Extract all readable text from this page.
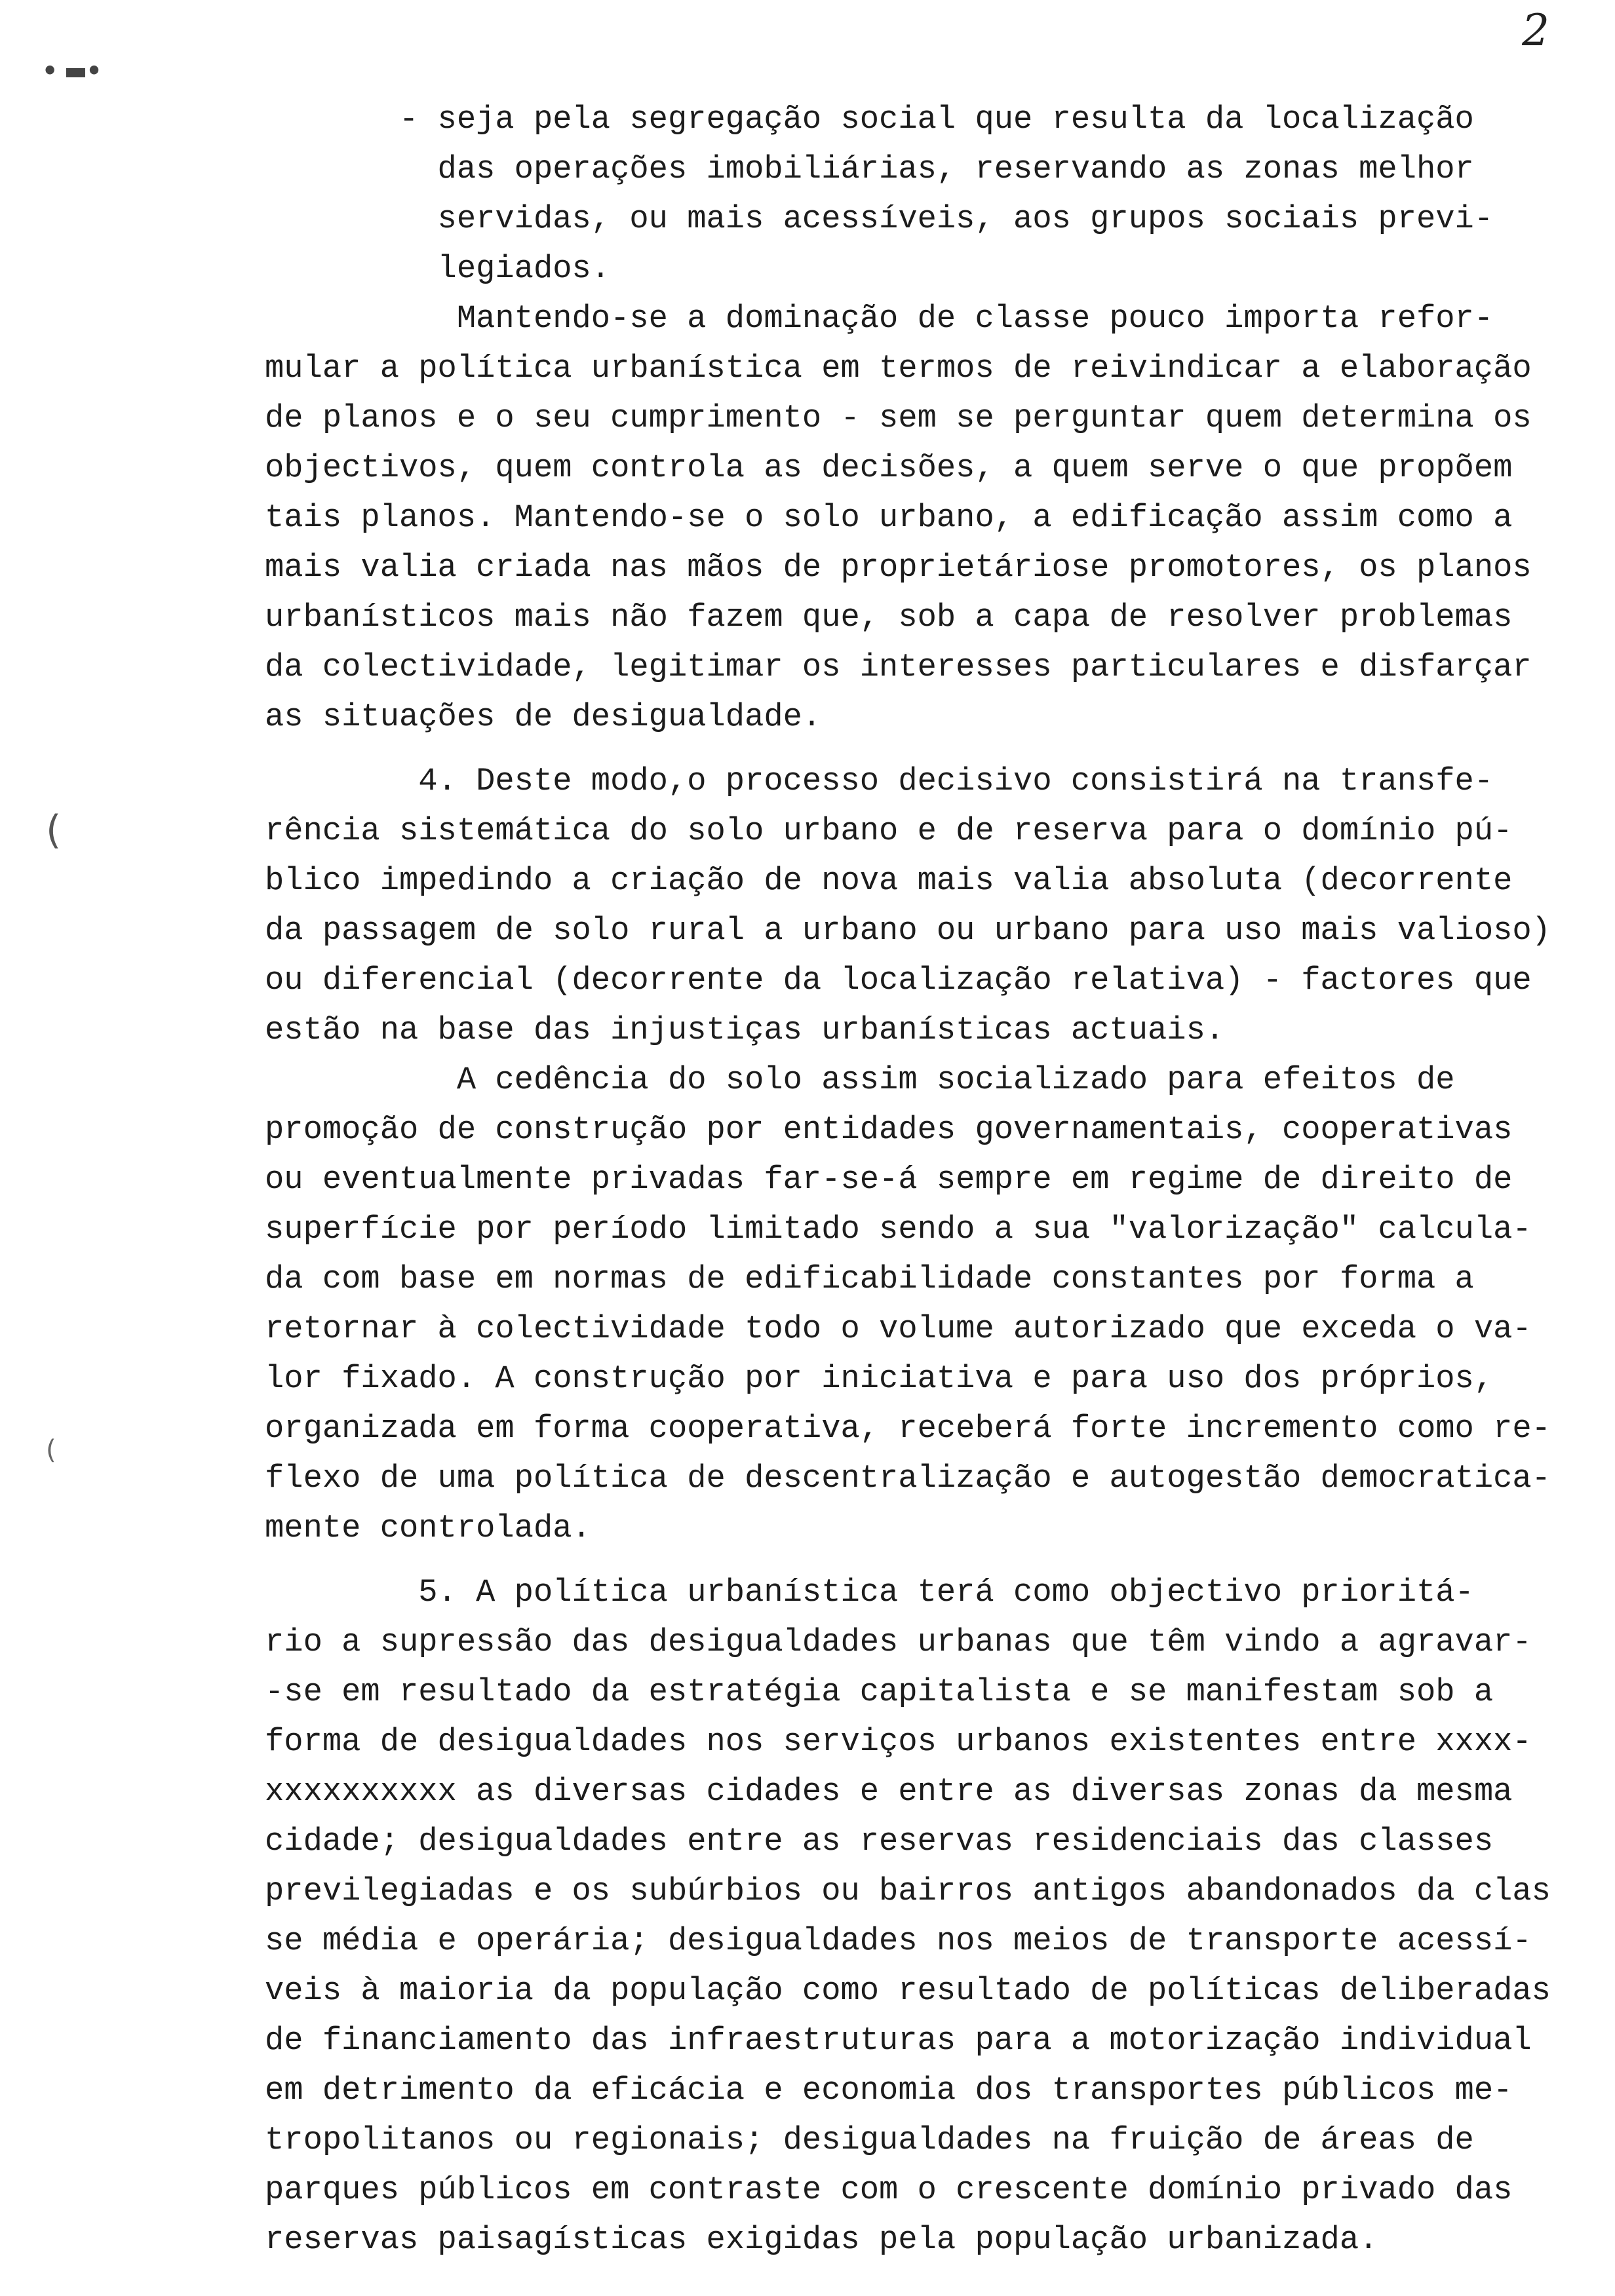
2
• ▬•
(
(
- seja pela segregação social que resulta da localização
das operações imobiliárias, reservando as zonas melhor
servidas, ou mais acessíveis, aos grupos sociais previ-
legiados.
Mantendo-se a dominação de classe pouco importa refor-
mular a política urbanística em termos de reivindicar a elaboração
de planos e o seu cumprimento - sem se perguntar quem determina os
objectivos, quem controla as decisões, a quem serve o que propõem
tais planos. Mantendo-se o solo urbano, a edificação assim como a
mais valia criada nas mãos de proprietáriose promotores, os planos
urbanísticos mais não fazem que, sob a capa de resolver problemas
da colectividade, legitimar os interesses particulares e disfarçar
as situações de desigualdade.
4. Deste modo,o processo decisivo consistirá na transfe-
rência sistemática do solo urbano e de reserva para o domínio pú-
blico impedindo a criação de nova mais valia absoluta (decorrente
da passagem de solo rural a urbano ou urbano para uso mais valioso)
ou diferencial (decorrente da localização relativa) - factores que
estão na base das injustiças urbanísticas actuais.
A cedência do solo assim socializado para efeitos de
promoção de construção por entidades governamentais, cooperativas
ou eventualmente privadas far-se-á sempre em regime de direito de
superfície por período limitado sendo a sua "valorização" calcula-
da com base em normas de edificabilidade constantes por forma a
retornar à colectividade todo o volume autorizado que exceda o va-
lor fixado. A construção por iniciativa e para uso dos próprios,
organizada em forma cooperativa, receberá forte incremento como re-
flexo de uma política de descentralização e autogestão democratica-
mente controlada.
5. A política urbanística terá como objectivo prioritá-
rio a supressão das desigualdades urbanas que têm vindo a agravar-
-se em resultado da estratégia capitalista e se manifestam sob a
forma de desigualdades nos serviços urbanos existentes entre xxxx-
xxxxxxxxxx as diversas cidades e entre as diversas zonas da mesma
cidade; desigualdades entre as reservas residenciais das classes
previlegiadas e os subúrbios ou bairros antigos abandonados da clas
se média e operária; desigualdades nos meios de transporte acessí-
veis à maioria da população como resultado de políticas deliberadas
de financiamento das infraestruturas para a motorização individual
em detrimento da eficácia e economia dos transportes públicos me-
tropolitanos ou regionais; desigualdades na fruição de áreas de
parques públicos em contraste com o crescente domínio privado das
reservas paisagísticas exigidas pela população urbanizada.
